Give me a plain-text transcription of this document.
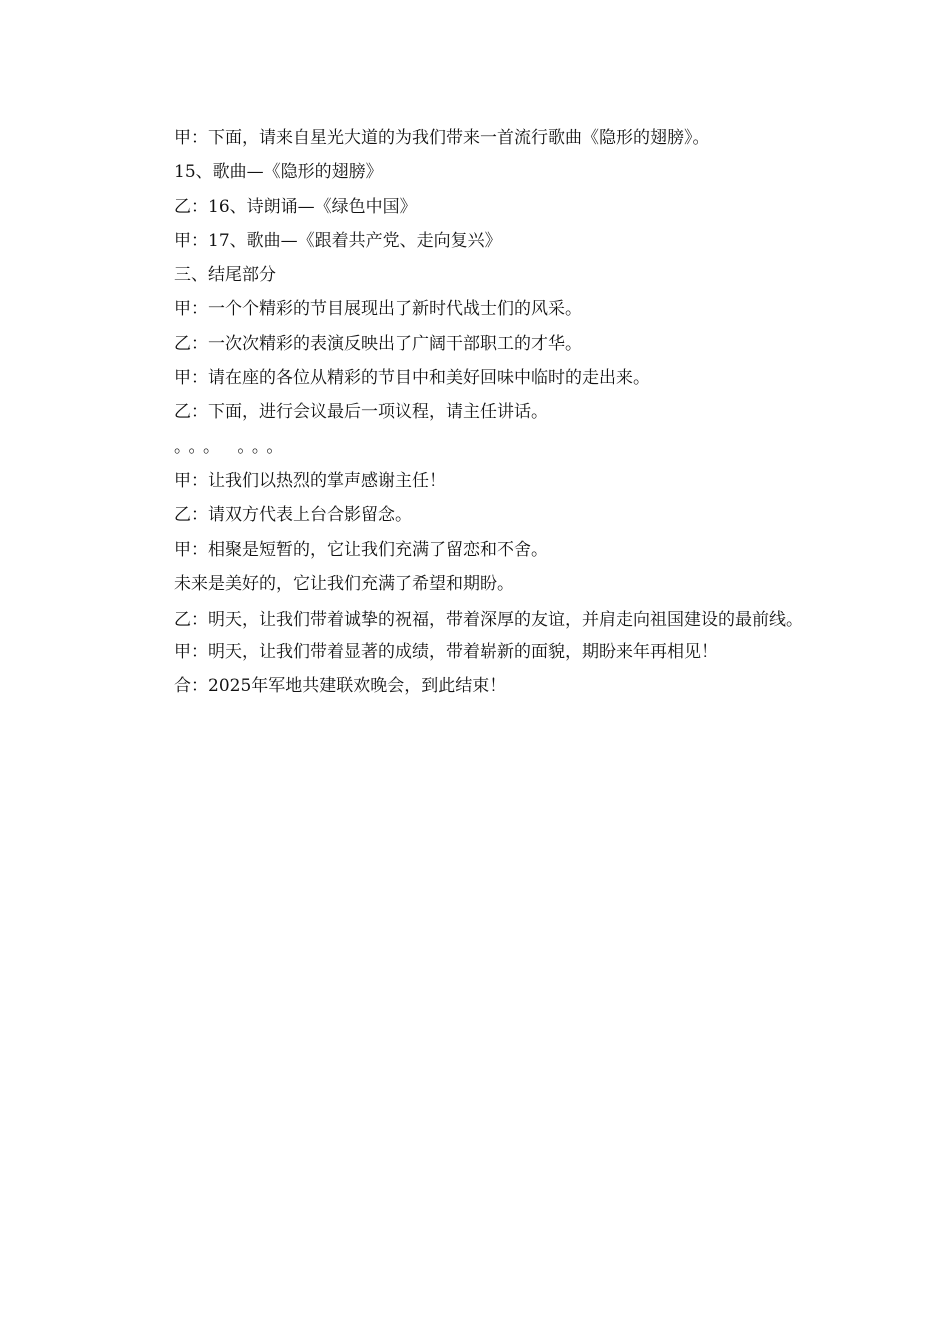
甲：下面，请来自星光大道的为我们带来一首流行歌曲《隐形的翅膀》。

15、歌曲—《隐形的翅膀》

乙：16、诗朗诵—《绿色中国》

甲：17、歌曲—《跟着共产党、走向复兴》

三、结尾部分

甲：一个个精彩的节目展现出了新时代战士们的风采。

乙：一次次精彩的表演反映出了广阔干部职工的才华。

甲：请在座的各位从精彩的节目中和美好回味中临时的走出来。

乙：下面，进行会议最后一项议程，请主任讲话。

。。。 。。。

甲：让我们以热烈的掌声感谢主任！

乙：请双方代表上台合影留念。

甲：相聚是短暂的，它让我们充满了留恋和不舍。

未来是美好的，它让我们充满了希望和期盼。

乙：明天，让我们带着诚挚的祝福，带着深厚的友谊，并肩走向祖国建设的最前线。

甲：明天，让我们带着显著的成绩，带着崭新的面貌，期盼来年再相见！

合：2025年军地共建联欢晚会，到此结束！
